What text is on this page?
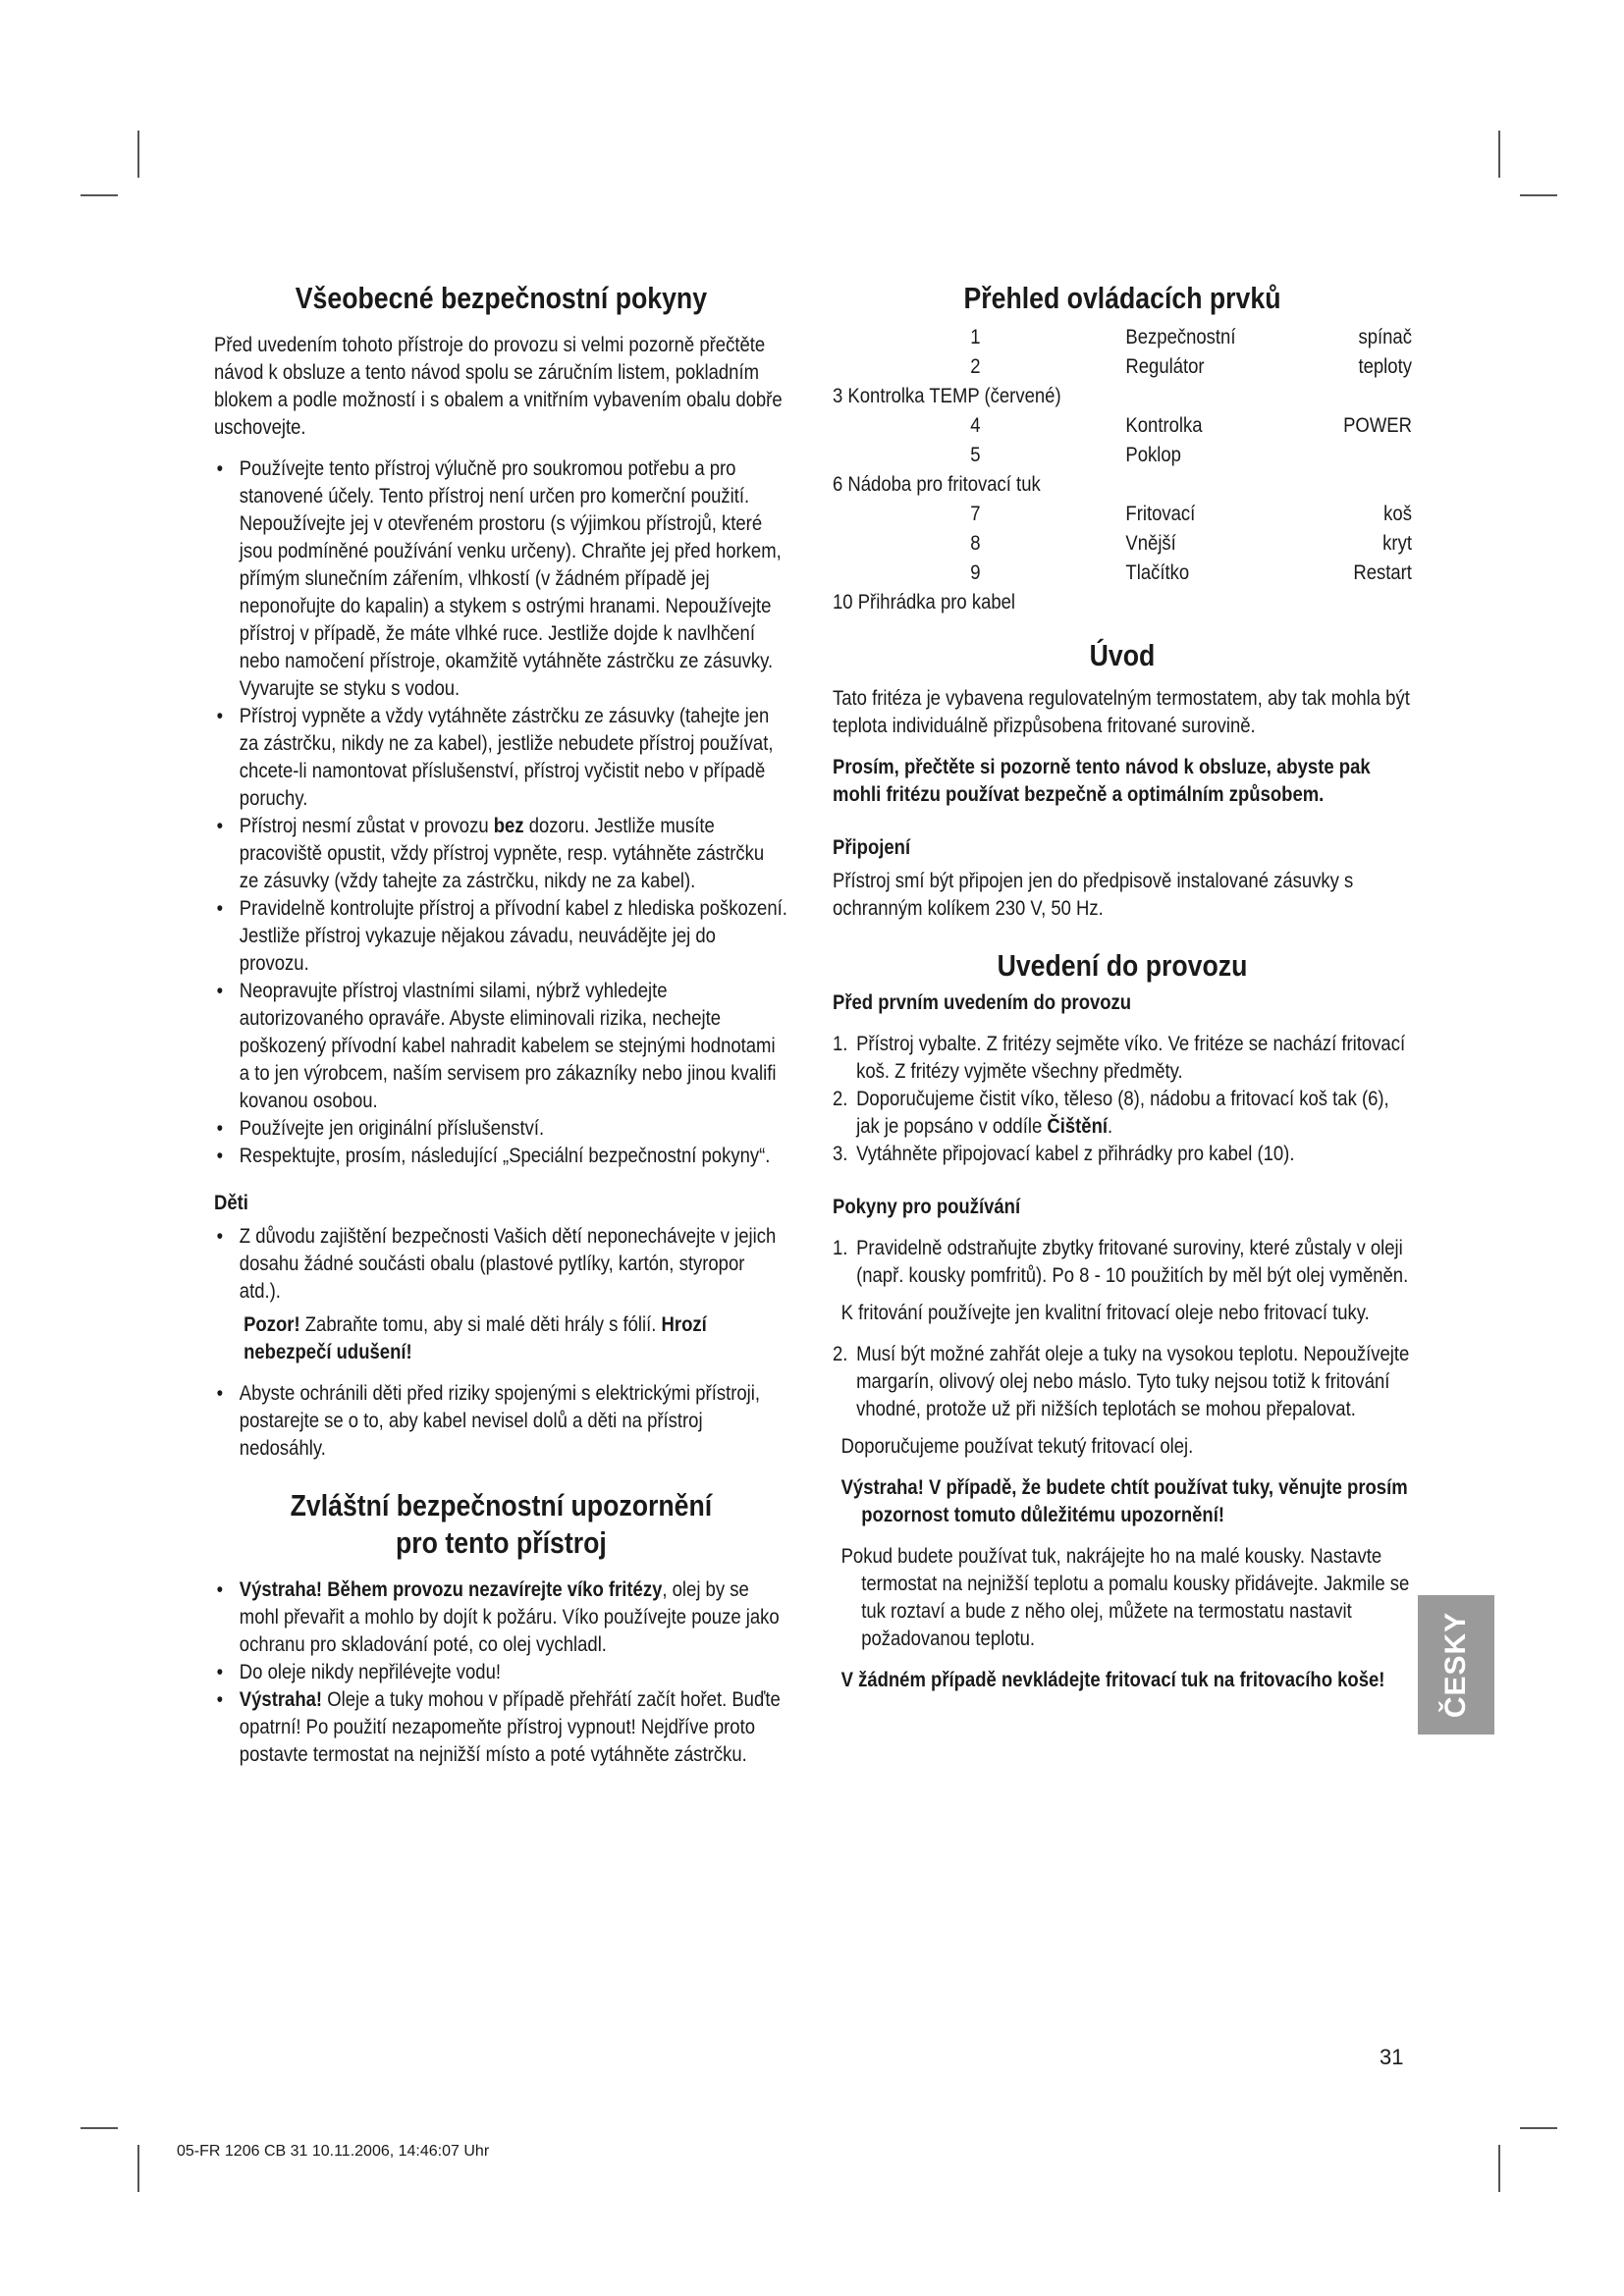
Všeobecné bezpečnostní pokyny

Před uvedením tohoto přístroje do provozu si velmi pozorně přečtěte návod k obsluze a tento návod spolu se záručním listem, pokladním blokem a podle možností i s obalem a vnitřním vybavením obalu dobře uschovejte.

• Používejte tento přístroj výlučně pro soukromou potřebu a pro stanovené účely. Tento přístroj není určen pro komerční použití. Nepoužívejte jej v otevřeném prostoru (s výjimkou přístrojů, které jsou podmíněné používání venku určeny). Chraňte jej před horkem, přímým slunečním zářením, vlhkostí (v žádném případě jej neponořujte do kapalin) a stykem s ostrými hranami. Nepoužívejte přístroj v případě, že máte vlhké ruce. Jestliže dojde k navlhčení nebo namočení přístroje, okamžitě vytáhněte zástrčku ze zásuvky. Vyvarujte se styku s vodou.
• Přístroj vypněte a vždy vytáhněte zástrčku ze zásuvky (tahejte jen za zástrčku, nikdy ne za kabel), jestliže nebudete přístroj používat, chcete-li namontovat příslušenství, přístroj vyčistit nebo v případě poruchy.
• Přístroj nesmí zůstat v provozu bez dozoru. Jestliže musíte pracoviště opustit, vždy přístroj vypněte, resp. vytáhněte zástrčku ze zásuvky (vždy tahejte za zástrčku, nikdy ne za kabel).
• Pravidelně kontrolujte přístroj a přívodní kabel z hlediska poškození. Jestliže přístroj vykazuje nějakou závadu, neuvádějte jej do provozu.
• Neopravujte přístroj vlastními silami, nýbrž vyhledejte autorizovaného opraváře. Abyste eliminovali rizika, nechejte poškozený přívodní kabel nahradit kabelem se stejnými hodnotami a to jen výrobcem, naším servisem pro zákazníky nebo jinou kvalifi kovanou osobou.
• Používejte jen originální příslušenství.
• Respektujte, prosím, následující „Speciální bezpečnostní pokyny“.
Děti
• Z důvodu zajištění bezpečnosti Vašich dětí neponechávejte v jejich dosahu žádné součásti obalu (plastové pytlíky, kartón, styropor atd.).

Pozor! Zabraňte tomu, aby si malé děti hrály s fólií. Hrozí nebezpečí udušení!

• Abyste ochránili děti před riziky spojenými s elektrickými přístroji, postarejte se o to, aby kabel nevisel dolů a děti na přístroj nedosáhly.
Zvláštní bezpečnostní upozornění
pro tento přístroj
• Výstraha! Během provozu nezavírejte víko fritézy, olej by se mohl převařit a mohlo by dojít k požáru. Víko používejte pouze jako ochranu pro skladování poté, co olej vychladl.
• Do oleje nikdy nepřilévejte vodu!
• Výstraha! Oleje a tuky mohou v případě přehřátí začít hořet. Buďte opatrní! Po použití nezapomeňte přístroj vypnout! Nejdříve proto postavte termostat na nejnižší místo a poté vytáhněte zástrčku.
Přehled ovládacích prvků
1	Bezpečnostní	spínač
2	Regulátor	teploty
3 Kontrolka TEMP (červené)
4	Kontrolka	POWER
5	Poklop
6 Nádoba pro fritovací tuk
7	Fritovací	koš
8	Vnější	kryt
9	Tlačítko	Restart
10 Přihrádka pro kabel
Úvod

Tato fritéza je vybavena regulovatelným termostatem, aby tak mohla být teplota individuálně přizpůsobena fritované surovině.

Prosím, přečtěte si pozorně tento návod k obsluze, abyste pak mohli fritézu používat bezpečně a optimálním způsobem.

Připojení

Přístroj smí být připojen jen do předpisově instalované zásuvky s ochranným kolíkem 230 V, 50 Hz.

Uvedení do provozu
Před prvním uvedením do provozu
1. Přístroj vybalte. Z fritézy sejměte víko. Ve fritéze se nachází fritovací koš. Z fritézy vyjměte všechny předměty.
2. Doporučujeme čistit víko, těleso (8), nádobu a fritovací koš tak (6), jak je popsáno v oddíle Čištění.
3. Vytáhněte připojovací kabel z přihrádky pro kabel (10).
Pokyny pro používání
1. Pravidelně odstraňujte zbytky fritované suroviny, které zůstaly v oleji (např. kousky pomfritů). Po 8 - 10 použitích by měl být olej vyměněn.

K fritování používejte jen kvalitní fritovací oleje nebo fritovací tuky.

2. Musí být možné zahřát oleje a tuky na vysokou teplotu. Nepoužívejte margarín, olivový olej nebo máslo. Tyto tuky nejsou totiž k fritování vhodné, protože už při nižších teplotách se mohou přepalovat.

Doporučujeme používat tekutý fritovací olej.

Výstraha! V případě, že budete chtít používat tuky, věnujte prosím pozornost tomuto důležitému upozornění!

Pokud budete používat tuk, nakrájejte ho na malé kousky. Nastavte termostat na nejnižší teplotu a pomalu kousky přidávejte. Jakmile se tuk roztaví a bude z něho olej, můžete na termostatu nastavit požadovanou teplotu.

V žádném případě nevkládejte fritovací tuk na fritovacího koše!	ČESKY
31
05-FR 1206 CB 31 10.11.2006, 14:46:07 Uhr
